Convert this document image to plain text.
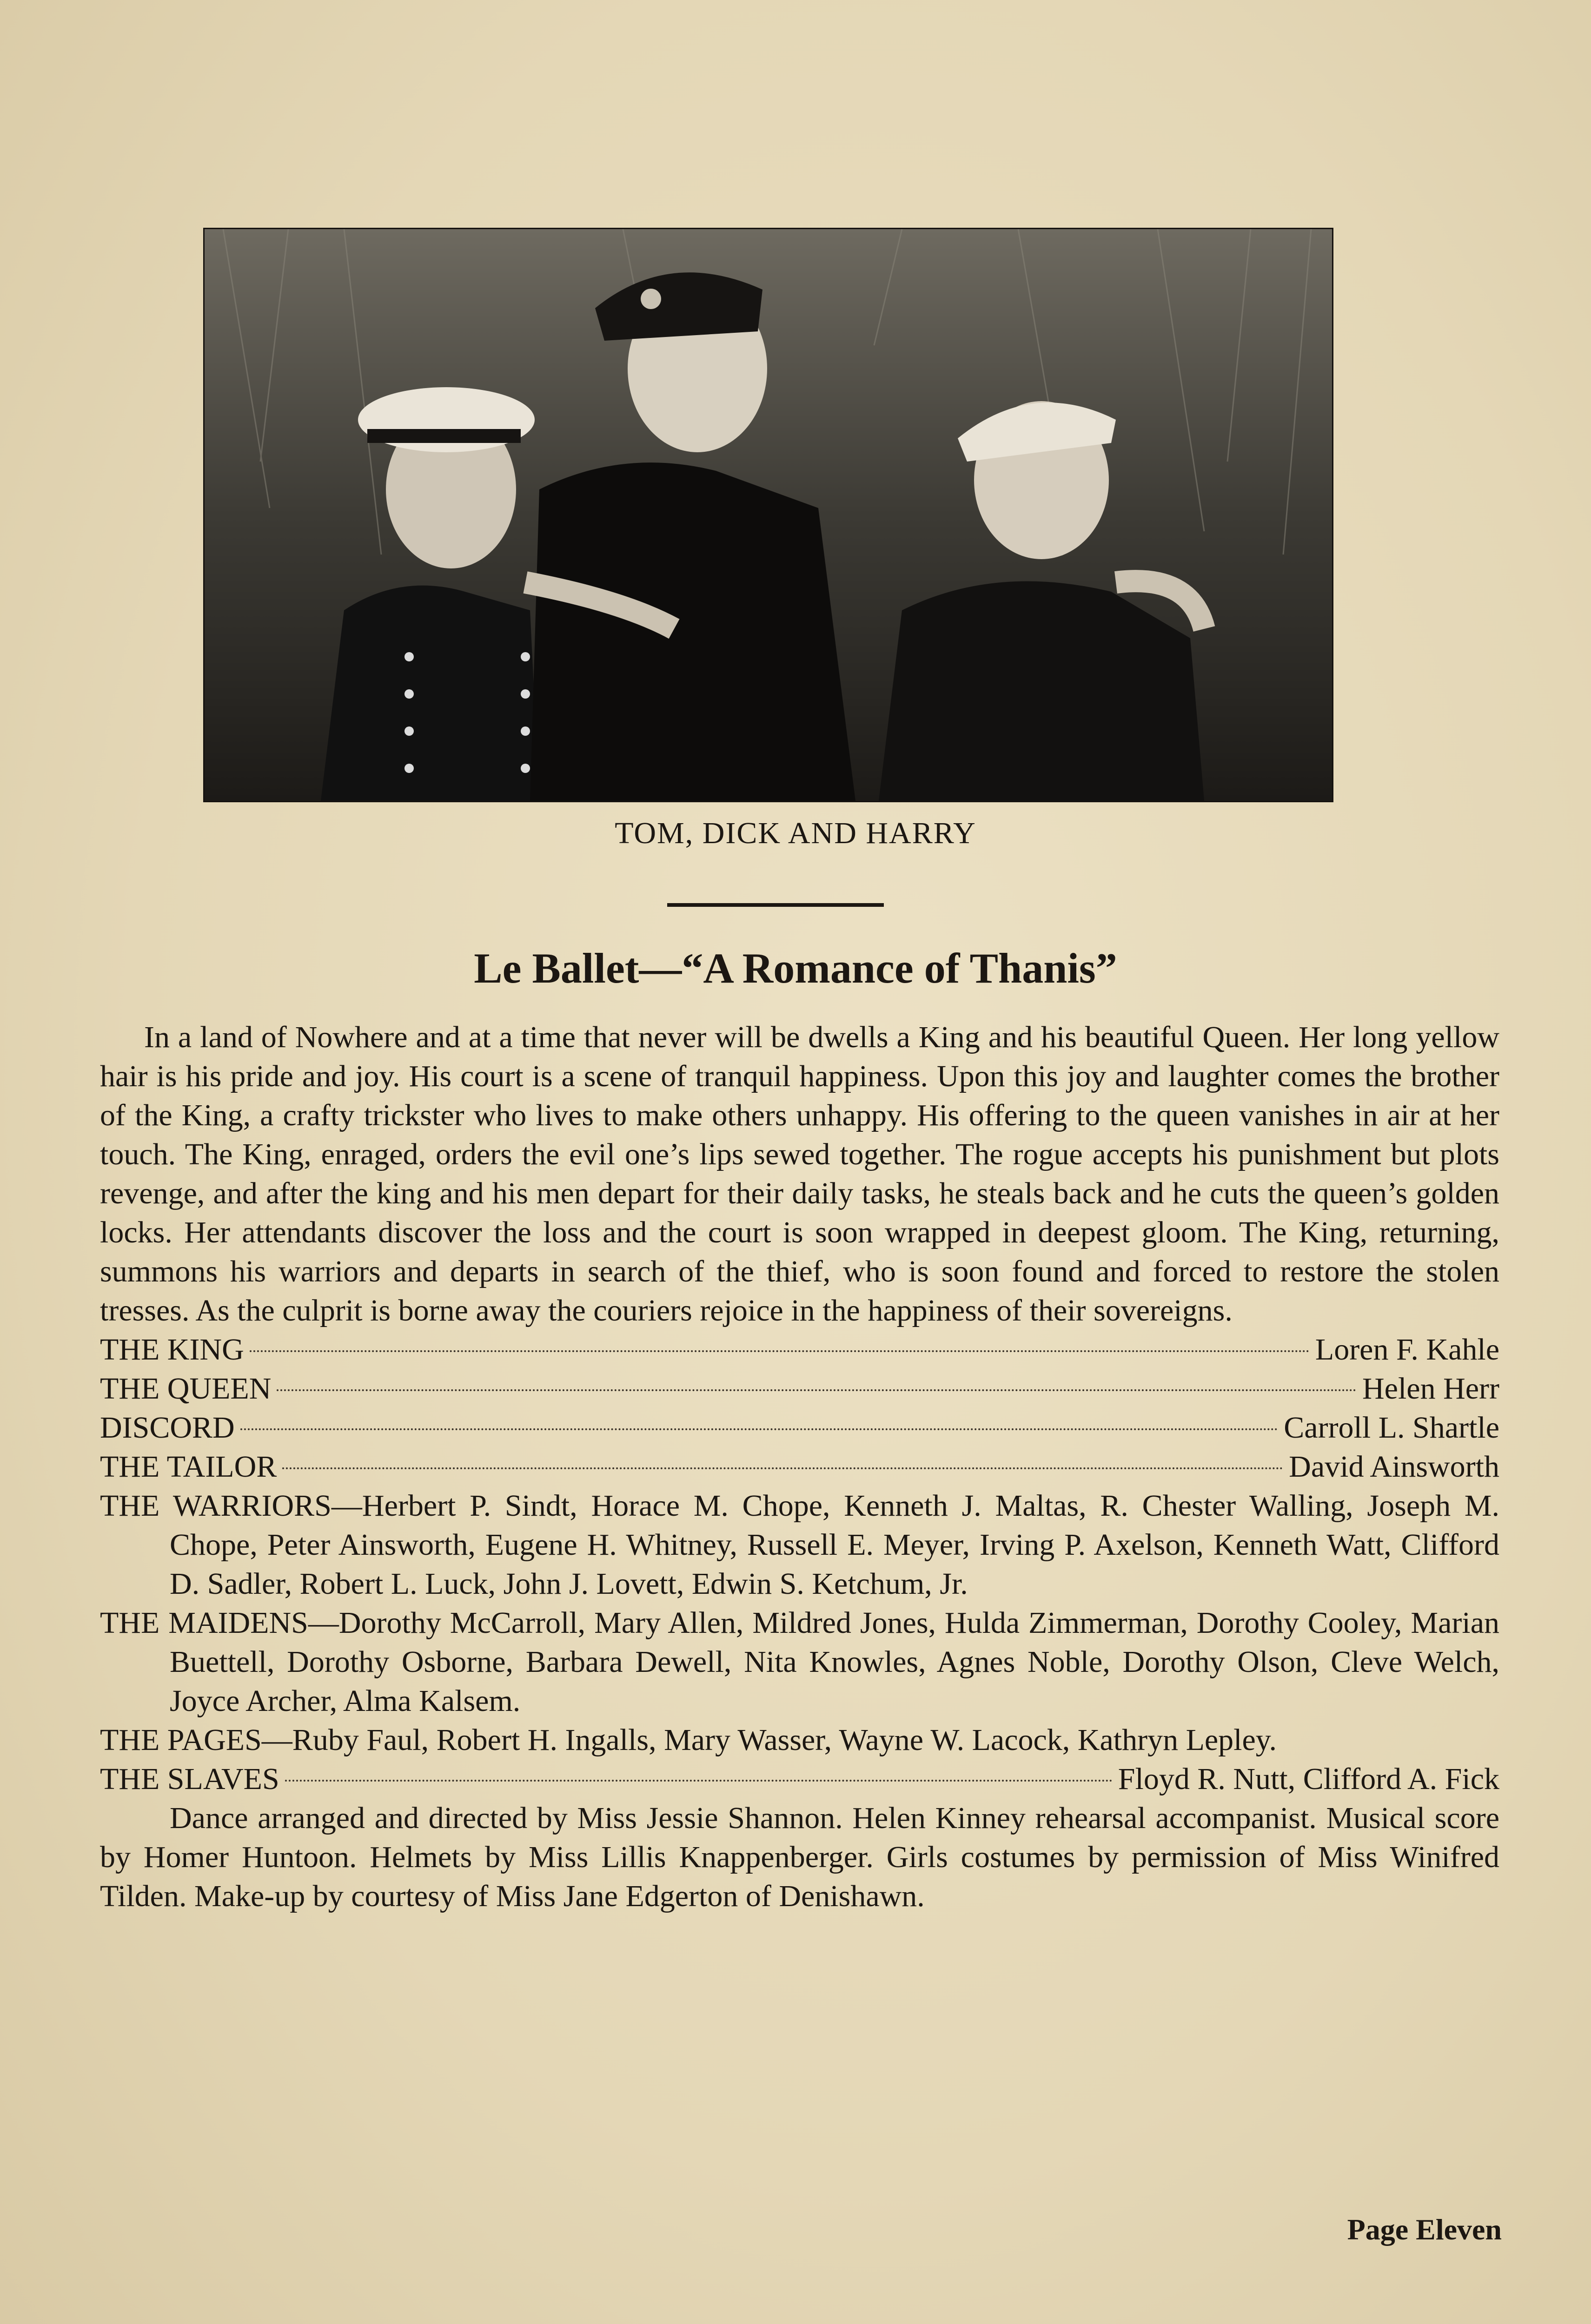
TOM, DICK AND HARRY
Le Ballet—“A Romance of Thanis”

In a land of Nowhere and at a time that never will be dwells a King and his beautiful Queen. Her long yellow hair is his pride and joy. His court is a scene of tranquil happiness. Upon this joy and laughter comes the brother of the King, a crafty trickster who lives to make others unhappy. His offering to the queen vanishes in air at her touch. The King, enraged, orders the evil one’s lips sewed together. The rogue accepts his punishment but plots revenge, and after the king and his men depart for their daily tasks, he steals back and he cuts the queen’s golden locks. Her attendants discover the loss and the court is soon wrapped in deepest gloom. The King, returning, summons his warriors and departs in search of the thief, who is soon found and forced to restore the stolen tresses. As the culprit is borne away the couriers rejoice in the happiness of their sovereigns.

THE KING	Loren F. Kahle
THE QUEEN	Helen Herr
DISCORD	Carroll L. Shartle
THE TAILOR	David Ainsworth

THE WARRIORS—Herbert P. Sindt, Horace M. Chope, Kenneth J. Maltas, R. Chester Walling, Joseph M. Chope, Peter Ainsworth, Eugene H. Whitney, Russell E. Meyer, Irving P. Axelson, Kenneth Watt, Clifford D. Sadler, Robert L. Luck, John J. Lovett, Edwin S. Ketchum, Jr.

THE MAIDENS—Dorothy McCarroll, Mary Allen, Mildred Jones, Hulda Zimmerman, Dorothy Cooley, Marian Buettell, Dorothy Osborne, Barbara Dewell, Nita Knowles, Agnes Noble, Dorothy Olson, Cleve Welch, Joyce Archer, Alma Kalsem.

THE PAGES—Ruby Faul, Robert H. Ingalls, Mary Wasser, Wayne W. Lacock, Kathryn Lepley.

THE SLAVES	Floyd R. Nutt, Clifford A. Fick

Dance arranged and directed by Miss Jessie Shannon. Helen Kinney rehearsal accompanist. Musical score by Homer Huntoon. Helmets by Miss Lillis Knappenberger. Girls costumes by permission of Miss Winifred Tilden. Make-up by courtesy of Miss Jane Edgerton of Denishawn.

Page Eleven
